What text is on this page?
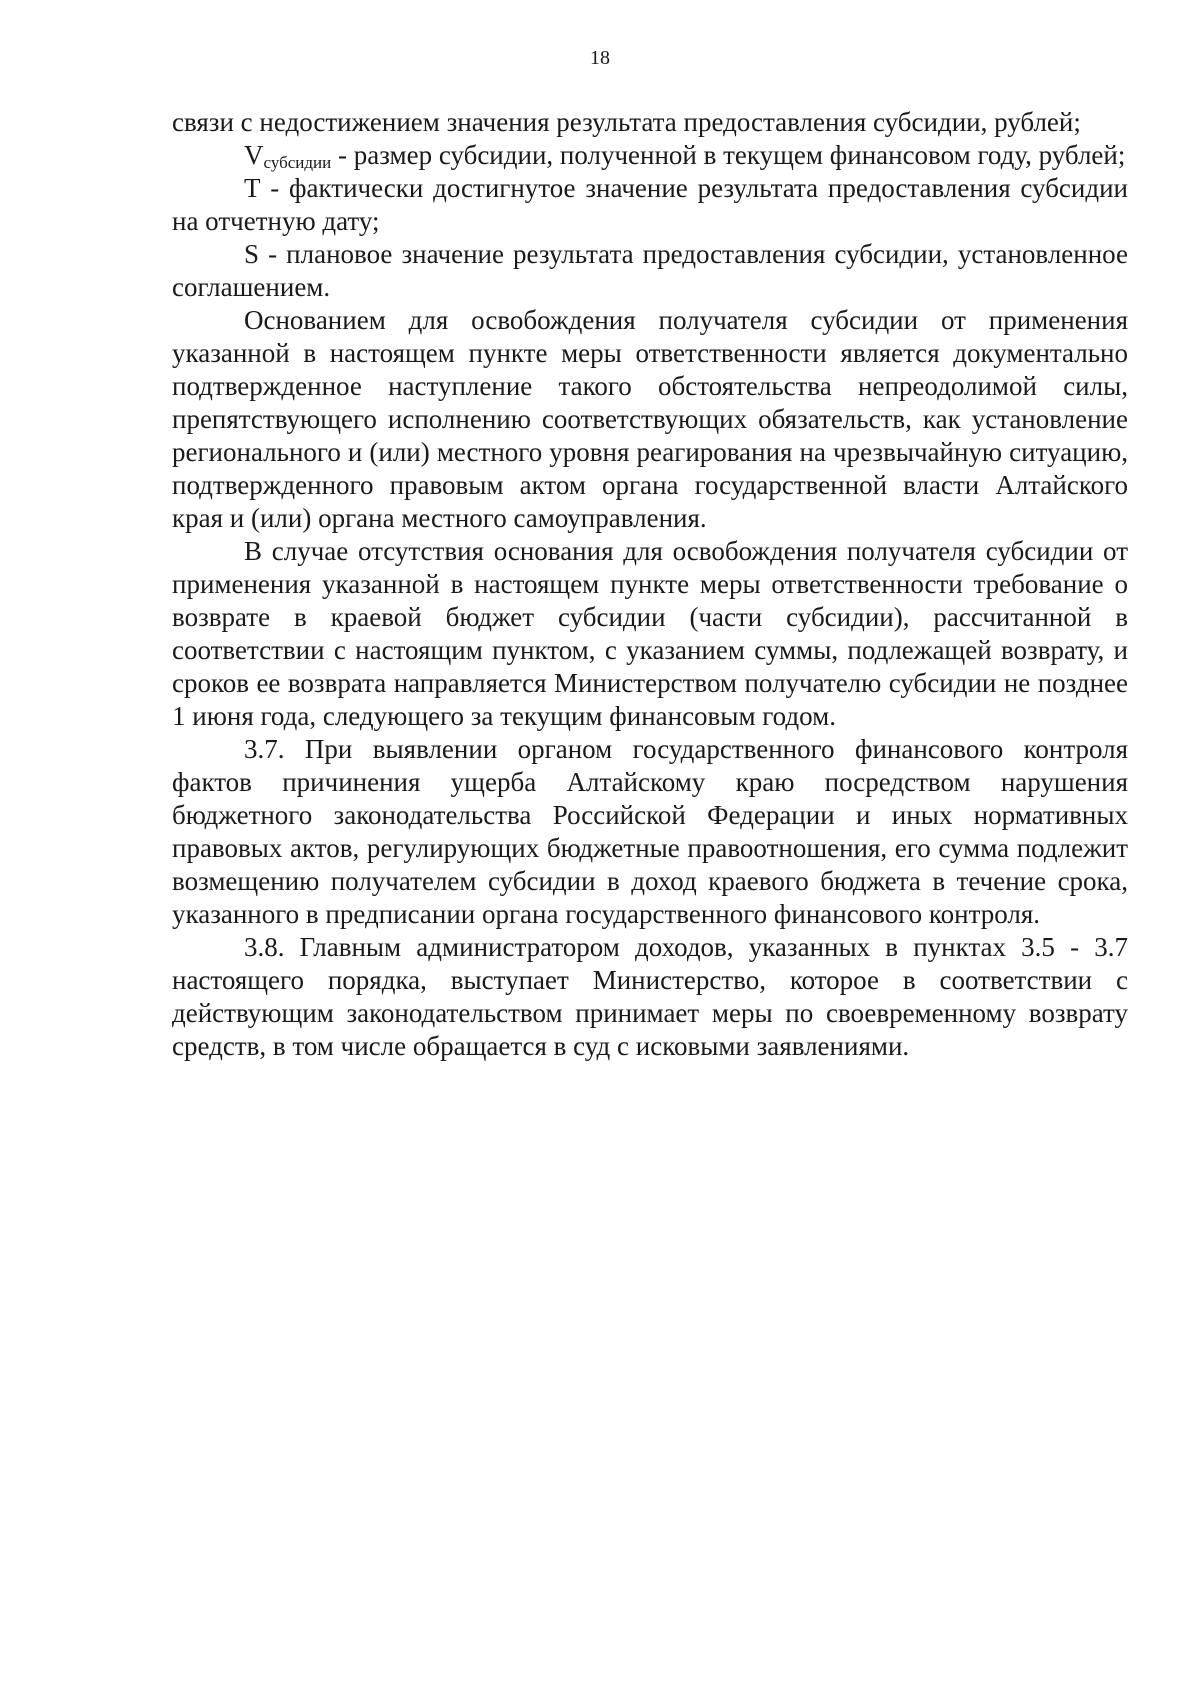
18

связи с недостижением значения результата предоставления субсидии, рублей;

$V_{субсидии}$ - размер субсидии, полученной в текущем финансовом году, рублей;

Т - фактически достигнутое значение результата предоставления субсидии на отчетную дату;

S - плановое значение результата предоставления субсидии, установленное соглашением.

Основанием для освобождения получателя субсидии от применения указанной в настоящем пункте меры ответственности является документально подтвержденное наступление такого обстоятельства непреодолимой силы, препятствующего исполнению соответствующих обязательств, как установление регионального и (или) местного уровня реагирования на чрезвычайную ситуацию, подтвержденного правовым актом органа государственной власти Алтайского края и (или) органа местного самоуправления.

В случае отсутствия основания для освобождения получателя субсидии от применения указанной в настоящем пункте меры ответственности требование о возврате в краевой бюджет субсидии (части субсидии), рассчитанной в соответствии с настоящим пунктом, с указанием суммы, подлежащей возврату, и сроков ее возврата направляется Министерством получателю субсидии не позднее 1 июня года, следующего за текущим финансовым годом.

3.7. При выявлении органом государственного финансового контроля фактов причинения ущерба Алтайскому краю посредством нарушения бюджетного законодательства Российской Федерации и иных нормативных правовых актов, регулирующих бюджетные правоотношения, его сумма подлежит возмещению получателем субсидии в доход краевого бюджета в течение срока, указанного в предписании органа государственного финансового контроля.

3.8. Главным администратором доходов, указанных в пунктах 3.5 - 3.7 настоящего порядка, выступает Министерство, которое в соответствии с действующим законодательством принимает меры по своевременному возврату средств, в том числе обращается в суд с исковыми заявлениями.
